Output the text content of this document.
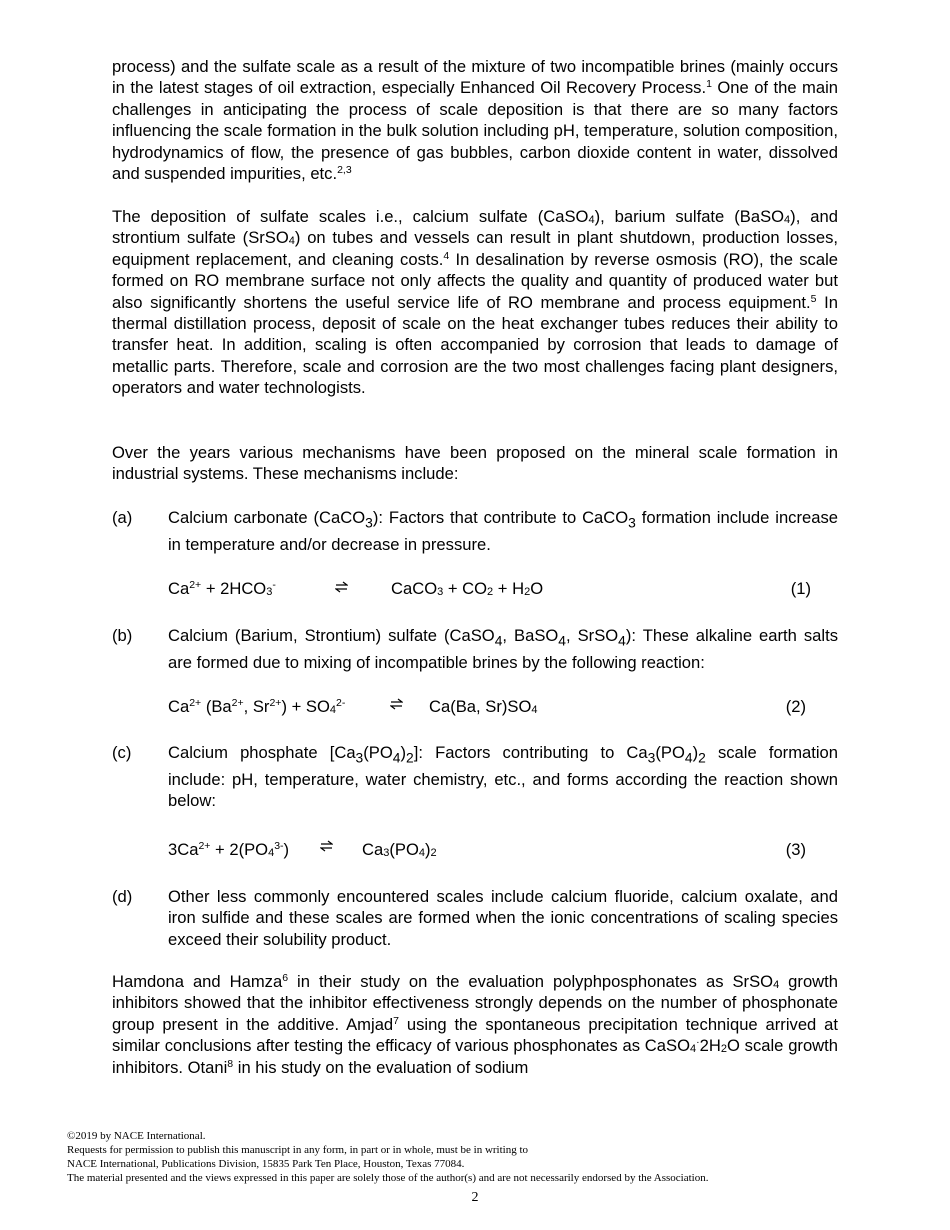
process) and the sulfate scale as a result of the mixture of two incompatible brines (mainly occurs in the latest stages of oil extraction, especially Enhanced Oil Recovery Process.$^1$ One of the main challenges in anticipating the process of scale deposition is that there are so many factors influencing the scale formation in the bulk solution including pH, temperature, solution composition, hydrodynamics of flow, the presence of gas bubbles, carbon dioxide content in water, dissolved and suspended impurities, etc.$^{2,3}$

The deposition of sulfate scales i.e., calcium sulfate (CaSO$_4$), barium sulfate (BaSO$_4$), and strontium sulfate (SrSO$_4$) on tubes and vessels can result in plant shutdown, production losses, equipment replacement, and cleaning costs.$^4$ In desalination by reverse osmosis (RO), the scale formed on RO membrane surface not only affects the quality and quantity of produced water but also significantly shortens the useful service life of RO membrane and process equipment.$^5$ In thermal distillation process, deposit of scale on the heat exchanger tubes reduces their ability to transfer heat. In addition, scaling is often accompanied by corrosion that leads to damage of metallic parts. Therefore, scale and corrosion are the two most challenges facing plant designers, operators and water technologists.

Over the years various mechanisms have been proposed on the mineral scale formation in industrial systems. These mechanisms include:

(a) Calcium carbonate (CaCO$_3$): Factors that contribute to CaCO$_3$ formation include increase in temperature and/or decrease in pressure.

$Ca^{2+} + 2HCO_3^-$	CaCO$_3$ + $CO_2 + H_2O$	(1)
(b) Calcium (Barium, Strontium) sulfate (CaSO$_4$, BaSO$_4$, SrSO$_4$): These alkaline earth salts are formed due to mixing of incompatible brines by the following reaction:

$Ca^{2+}$ ($Ba^{2+}$, $Sr^{2+}) + SO_4^{2-}$	Ca(Ba, $Sr)SO_4$	(2)
(c) Calcium phosphate $[Ca_3(PO_4)_2]$: Factors contributing to $Ca_3(PO_4)_2$ scale formation include: pH, temperature, water chemistry, etc., and forms according the reaction shown below:

$3Ca^{2+} + 2(PO_4^{3-})$	$Ca_3(PO_4)_2$	(3)
(d) Other less commonly encountered scales include calcium fluoride, calcium oxalate, and iron sulfide and these scales are formed when the ionic concentrations of scaling species exceed their solubility product.

Hamdona and Hamza$^6$ in their study on the evaluation polyphposphonates as SrSO$_4$ growth inhibitors showed that the inhibitor effectiveness strongly depends on the number of phosphonate group present in the additive. Amjad$^7$ using the spontaneous precipitation technique arrived at similar conclusions after testing the efficacy of various phosphonates as $CaSO_4^\cdot 2H_2O$ scale growth inhibitors. Otani$^8$ in his study on the evaluation of sodium

©2019 by NACE International.
Requests for permission to publish this manuscript in any form, in part or in whole, must be in writing to
NACE International, Publications Division, 15835 Park Ten Place, Houston, Texas 77084.
The material presented and the views expressed in this paper are solely those of the author(s) and are not necessarily endorsed by the Association.
2
